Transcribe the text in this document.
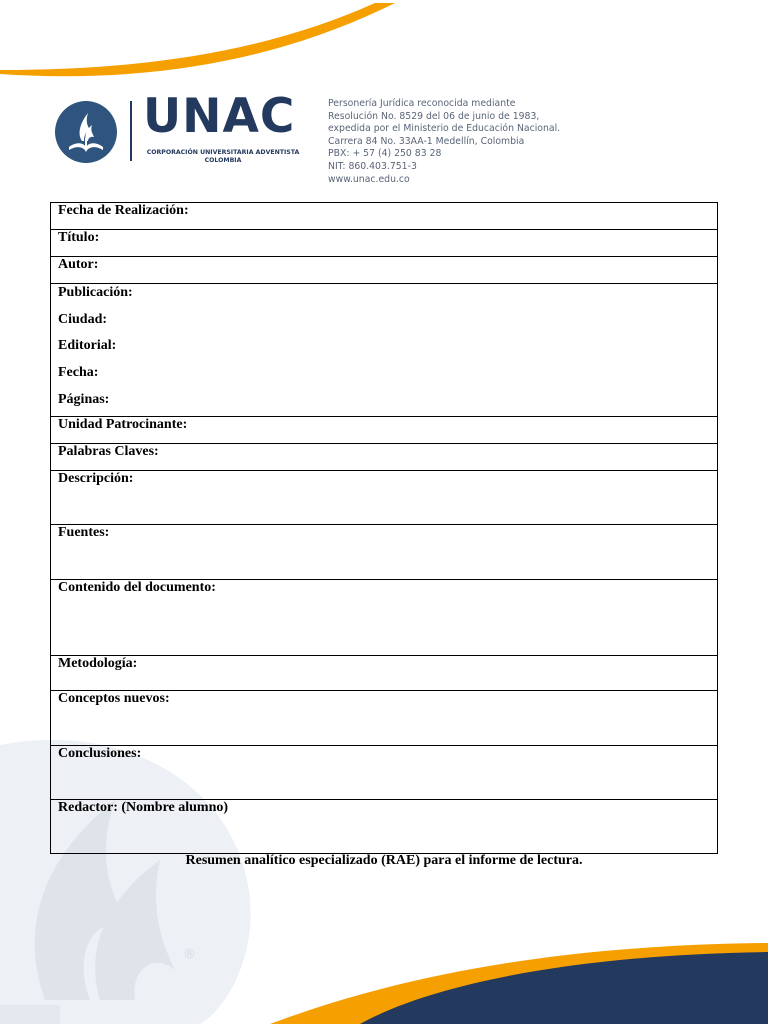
®
UNAC
CORPORACIÓN UNIVERSITARIA ADVENTISTA
COLOMBIA
Personería Jurídica reconocida mediante
Resolución No. 8529 del 06 de junio de 1983,
expedida por el Ministerio de Educación Nacional.
Carrera 84 No. 33AA-1 Medellín, Colombia
PBX: + 57 (4) 250 83 28
NIT: 860.403.751-3
www.unac.edu.co
Fecha de Realización:

Título:

Autor:

Publicación:
Ciudad:
Editorial:
Fecha:
Páginas:

Unidad Patrocinante:

Palabras Claves:

Descripción:

Fuentes:

Contenido del documento:

Metodología:

Conceptos nuevos:

Conclusiones:

Redactor: (Nombre alumno)
Resumen analítico especializado (RAE) para el informe de lectura.
